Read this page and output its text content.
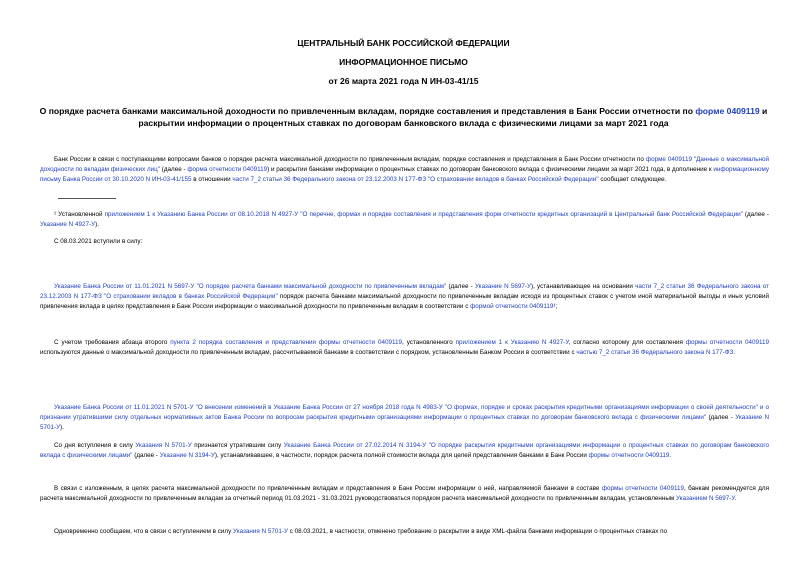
ЦЕНТРАЛЬНЫЙ БАНК РОССИЙСКОЙ ФЕДЕРАЦИИ
ИНФОРМАЦИОННОЕ ПИСЬМО
от 26 марта 2021 года N ИН-03-41/15
О порядке расчета банками максимальной доходности по привлеченным вкладам, порядке составления и представления в Банк России отчетности по форме 0409119 и раскрытии информации о процентных ставках по договорам банковского вклада с физическими лицами за март 2021 года
Банк России в связи с поступающими вопросами банков о порядке расчета максимальной доходности по привлеченным вкладам, порядке составления и представления в Банк России отчетности по форме 0409119 "Данные о максимальной доходности по вкладам физических лиц" (далее - форма отчетности 0409119) и раскрытии банками информации о процентных ставках по договорам банковского вклада с физическими лицами за март 2021 года, в дополнение к информационному письму Банка России от 30.10.2020 N ИН-03-41/155 в отношении части 7_2 статьи 36 Федерального закона от 23.12.2003 N 177-ФЗ "О страховании вкладов в банках Российской Федерации" сообщает следующее.
¹ Установленной приложением 1 к Указанию Банка России от 08.10.2018 N 4927-У "О перечне, формах и порядке составления и представления форм отчетности кредитных организаций в Центральный банк Российской Федерации" (далее - Указание N 4927-У).
С 08.03.2021 вступили в силу:
Указание Банка России от 11.01.2021 N 5697-У "О порядке расчета банками максимальной доходности по привлеченным вкладам" (далее - Указание N 5697-У), устанавливающее на основании части 7_2 статьи 36 Федерального закона от 23.12.2003 N 177-ФЗ "О страховании вкладов в банках Российской Федерации" порядок расчета банками максимальной доходности по привлеченным вкладам исходя из процентных ставок с учетом иной материальной выгоды и иных условий привлечения вклада в целях представления в Банк России информации о максимальной доходности по привлеченным вкладам в соответствии с формой отчетности 0409119¹;
С учетом требования абзаца второго пункта 2 порядка составления и представления формы отчетности 0409119, установленного приложением 1 к Указанию N 4927-У, согласно которому для составления формы отчетности 0409119 используются данные о максимальной доходности по привлеченным вкладам, рассчитываемой банками в соответствии с порядком, установленным Банком России в соответствии с частью 7_2 статьи 36 Федерального закона N 177-ФЗ.
Указание Банка России от 11.01.2021 N 5701-У "О внесении изменений в Указание Банка России от 27 ноября 2018 года N 4983-У "О формах, порядке и сроках раскрытия кредитными организациями информации о своей деятельности" и о признании утратившими силу отдельных нормативных актов Банка России по вопросам раскрытия кредитными организациями информации о процентных ставках по договорам банковского вклада с физическими лицами" (далее - Указание N 5701-У).
Со дня вступления в силу Указания N 5701-У признается утратившим силу Указание Банка России от 27.02.2014 N 3194-У "О порядке раскрытия кредитными организациями информации о процентных ставках по договорам банковского вклада с физическими лицами" (далее - Указание N 3194-У), устанавливавшее, в частности, порядок расчета полной стоимости вклада для целей представления банками в Банк России формы отчетности 0409119.
В связи с изложенным, в целях расчета максимальной доходности по привлеченным вкладам и представления в Банк России информации о ней, направляемой банками в составе формы отчетности 0409119, банкам рекомендуется для расчета максимальной доходности по привлеченным вкладам за отчетный период 01.03.2021 - 31.03.2021 руководствоваться порядком расчета максимальной доходности по привлеченным вкладам, установленным Указанием N 5697-У.
Одновременно сообщаем, что в связи с вступлением в силу Указания N 5701-У с 08.03.2021, в частности, отменено требование о раскрытии в виде XML-файла банками информации о процентных ставках по
